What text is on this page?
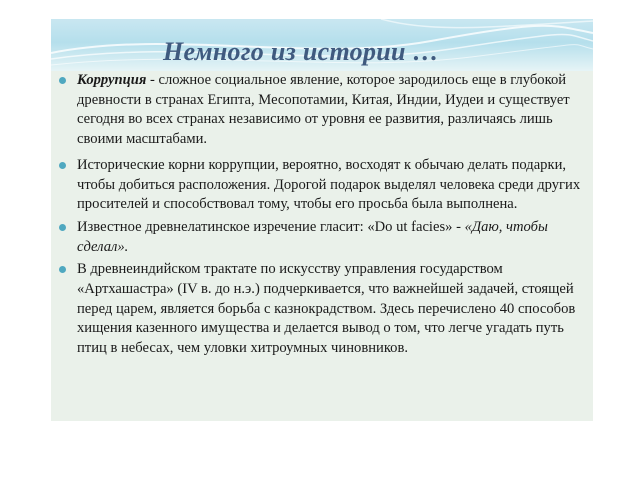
Немного из истории …

Коррупция - сложное социальное явление, которое зародилось еще в глубокой древности в странах Египта, Месопотамии, Китая, Индии, Иудеи и существует сегодня во всех странах независимо от уровня ее развития, различаясь лишь своими масштабами.

Исторические корни коррупции, вероятно, восходят к обычаю делать подарки, чтобы добиться расположения. Дорогой подарок выделял человека среди других просителей и способствовал тому, чтобы его просьба была выполнена.

Известное древнелатинское изречение гласит: «Do ut facies» - «Даю, чтобы сделал».

В древнеиндийском трактате по искусству управления государством «Артхашастра» (IV в. до н.э.) подчеркивается, что важнейшей задачей, стоящей перед царем, является борьба с казнокрадством. Здесь перечислено 40 способов хищения казенного имущества и делается вывод о том, что легче угадать путь птиц в небесах, чем уловки хитроумных чиновников.
